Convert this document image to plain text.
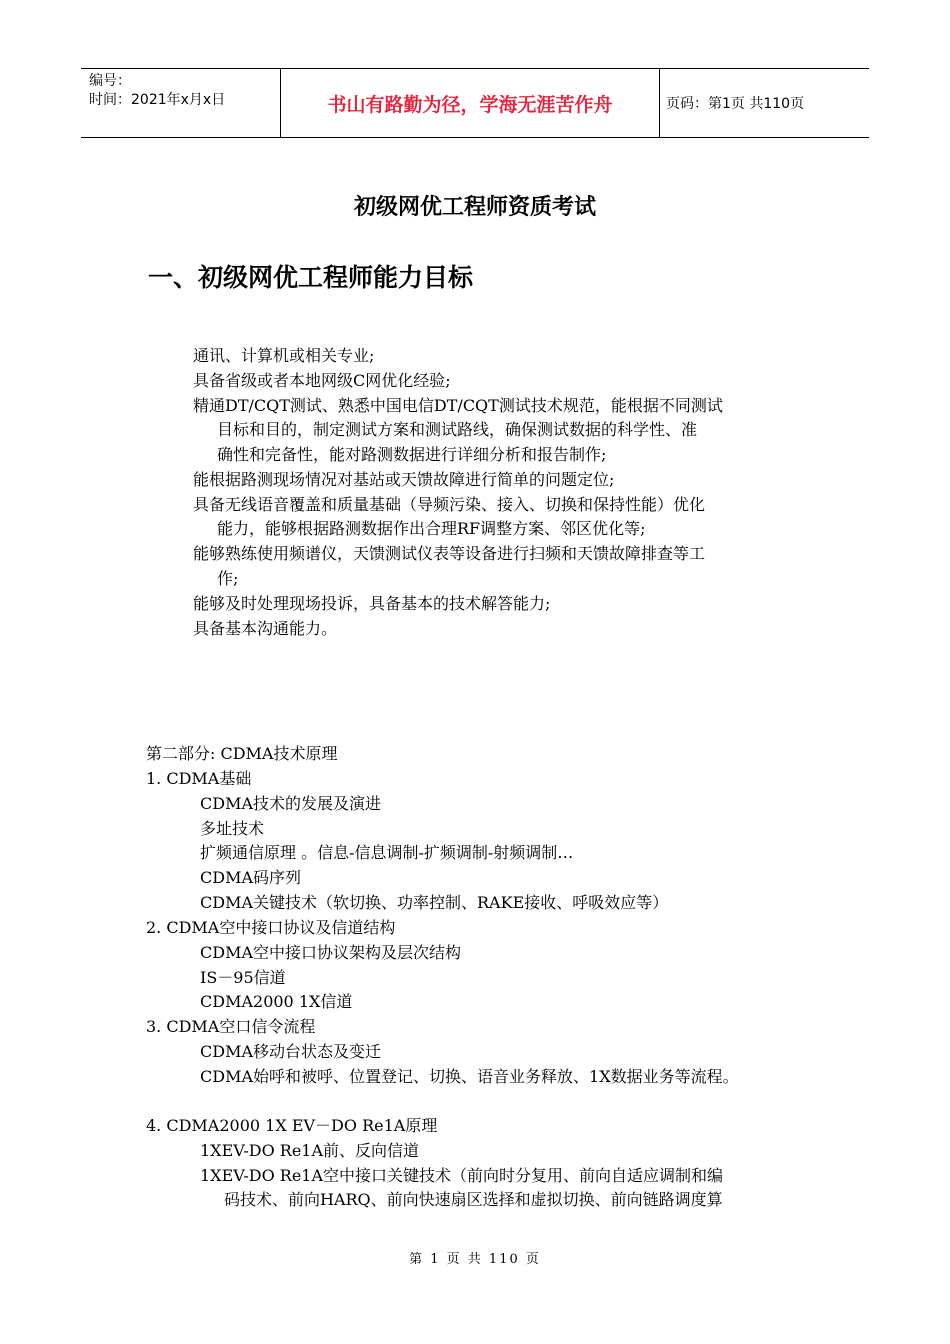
编号：
时间：2021年x月x日	书山有路勤为径，学海无涯苦作舟	页码：第1页 共110页
初级网优工程师资质考试
一、初级网优工程师能力目标
通讯、计算机或相关专业;
具备省级或者本地网级C网优化经验;
精通DT/CQT测试、熟悉中国电信DT/CQT测试技术规范，能根据不同测试
目标和目的，制定测试方案和测试路线，确保测试数据的科学性、准
确性和完备性，能对路测数据进行详细分析和报告制作;
能根据路测现场情况对基站或天馈故障进行简单的问题定位;
具备无线语音覆盖和质量基础（导频污染、接入、切换和保持性能）优化
能力，能够根据路测数据作出合理RF调整方案、邻区优化等;
能够熟练使用频谱仪，天馈测试仪表等设备进行扫频和天馈故障排查等工
作;
能够及时处理现场投诉，具备基本的技术解答能力;
具备基本沟通能力。
第二部分: CDMA技术原理
1. CDMA基础
CDMA技术的发展及演进
多址技术
扩频通信原理 。信息-信息调制-扩频调制-射频调制…
CDMA码序列
CDMA关键技术（软切换、功率控制、RAKE接收、呼吸效应等）
2. CDMA空中接口协议及信道结构
CDMA空中接口协议架构及层次结构
IS－95信道
CDMA2000 1X信道
3. CDMA空口信令流程
CDMA移动台状态及变迁
CDMA始呼和被呼、位置登记、切换、语音业务释放、1X数据业务等流程。
4. CDMA2000 1X EV－DO Re1A原理
1XEV-DO Re1A前、反向信道
1XEV-DO Re1A空中接口关键技术（前向时分复用、前向自适应调制和编
码技术、前向HARQ、前向快速扇区选择和虚拟切换、前向链路调度算
第 1 页 共 110 页
